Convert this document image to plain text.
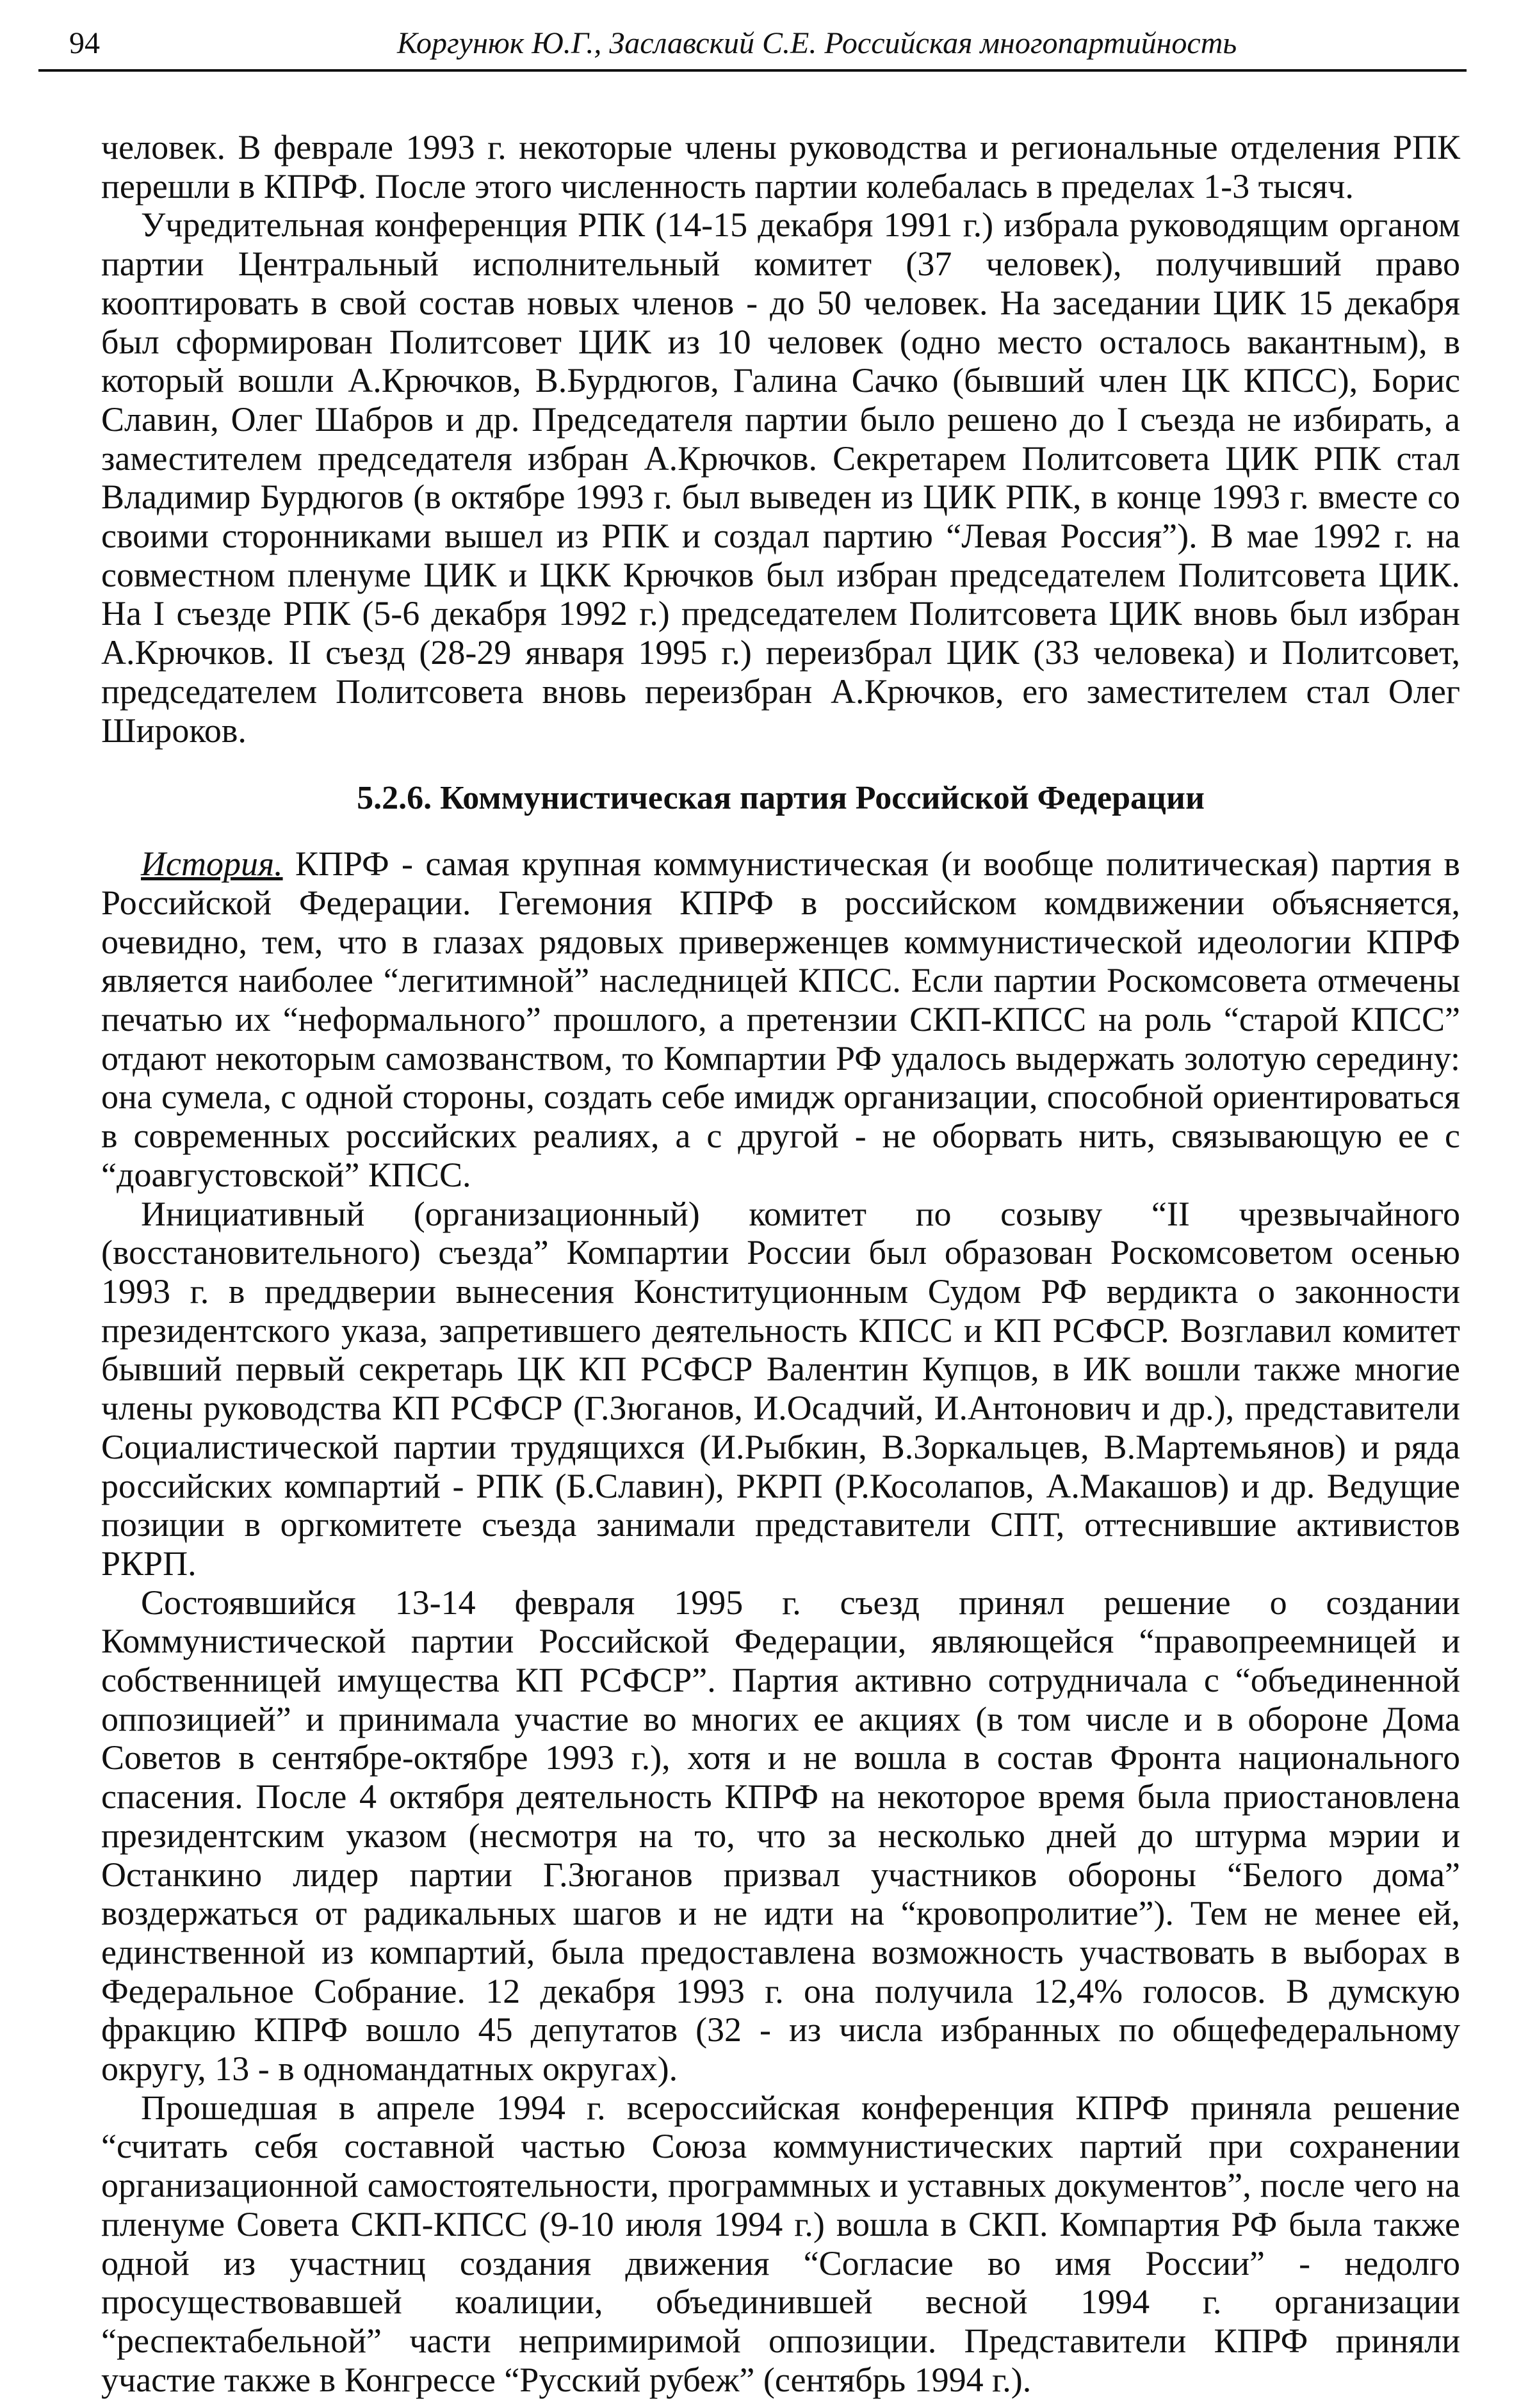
94	Коргунюк Ю.Г., Заславский С.Е. Российская многопартийность

человек. В феврале 1993 г. некоторые члены руководства и региональные отделения РПК перешли в КПРФ. После этого численность партии колебалась в пределах 1-3 тысяч.

Учредительная конференция РПК (14-15 декабря 1991 г.) избрала руководящим органом партии Центральный исполнительный комитет (37 человек), получивший право кооптировать в свой состав новых членов - до 50 человек. На заседании ЦИК 15 декабря был сформирован Политсовет ЦИК из 10 человек (одно место осталось вакантным), в который вошли А.Крючков, В.Бурдюгов, Галина Сачко (бывший член ЦК КПСС), Борис Славин, Олег Шабров и др. Председателя партии было решено до I съезда не избирать, а заместителем председателя избран А.Крючков. Секретарем Политсовета ЦИК РПК стал Владимир Бурдюгов (в октябре 1993 г. был выведен из ЦИК РПК, в конце 1993 г. вместе со своими сторонниками вышел из РПК и создал партию “Левая Россия”). В мае 1992 г. на совместном пленуме ЦИК и ЦКК Крючков был избран председателем Политсовета ЦИК. На I съезде РПК (5-6 декабря 1992 г.) председателем Политсовета ЦИК вновь был избран А.Крючков. II съезд (28-29 января 1995 г.) переизбрал ЦИК (33 человека) и Политсовет, председателем Политсовета вновь переизбран А.Крючков, его заместителем стал Олег Широков.

5.2.6. Коммунистическая партия Российской Федерации

История. КПРФ - самая крупная коммунистическая (и вообще политическая) партия в Российской Федерации. Гегемония КПРФ в российском комдвижении объясняется, очевидно, тем, что в глазах рядовых приверженцев коммунистической идеологии КПРФ является наиболее “легитимной” наследницей КПСС. Если партии Роскомсовета отмечены печатью их “неформального” прошлого, а претензии СКП-КПСС на роль “старой КПСС” отдают некоторым самозванством, то Компартии РФ удалось выдержать золотую середину: она сумела, с одной стороны, создать себе имидж организации, способной ориентироваться в современных российских реалиях, а с другой - не оборвать нить, связывающую ее с “доавгустовской” КПСС.

Инициативный (организационный) комитет по созыву “II чрезвычайного (восстановительного) съезда” Компартии России был образован Роскомсоветом осенью 1993 г. в преддверии вынесения Конституционным Судом РФ вердикта о законности президентского указа, запретившего деятельность КПСС и КП РСФСР. Возглавил комитет бывший первый секретарь ЦК КП РСФСР Валентин Купцов, в ИК вошли также многие члены руководства КП РСФСР (Г.Зюганов, И.Осадчий, И.Антонович и др.), представители Социалистической партии трудящихся (И.Рыбкин, В.Зоркальцев, В.Мартемьянов) и ряда российских компартий - РПК (Б.Славин), РКРП (Р.Косолапов, А.Макашов) и др. Ведущие позиции в оргкомитете съезда занимали представители СПТ, оттеснившие активистов РКРП.

Состоявшийся 13-14 февраля 1995 г. съезд принял решение о создании Коммунистической партии Российской Федерации, являющейся “правопреемницей и собственницей имущества КП РСФСР”. Партия активно сотрудничала с “объединенной оппозицией” и принимала участие во многих ее акциях (в том числе и в обороне Дома Советов в сентябре-октябре 1993 г.), хотя и не вошла в состав Фронта национального спасения. После 4 октября деятельность КПРФ на некоторое время была приостановлена президентским указом (несмотря на то, что за несколько дней до штурма мэрии и Останкино лидер партии Г.Зюганов призвал участников обороны “Белого дома” воздержаться от радикальных шагов и не идти на “кровопролитие”). Тем не менее ей, единственной из компартий, была предоставлена возможность участвовать в выборах в Федеральное Собрание. 12 декабря 1993 г. она получила 12,4% голосов. В думскую фракцию КПРФ вошло 45 депутатов (32 - из числа избранных по общефедеральному округу, 13 - в одномандатных округах).

Прошедшая в апреле 1994 г. всероссийская конференция КПРФ приняла решение “считать себя составной частью Союза коммунистических партий при сохранении организационной самостоятельности, программных и уставных документов”, после чего на пленуме Совета СКП-КПСС (9-10 июля 1994 г.) вошла в СКП. Компартия РФ была также одной из участниц создания движения “Согласие во имя России” - недолго просуществовавшей коалиции, объединившей весной 1994 г. организации “респектабельной” части непримиримой оппозиции. Представители КПРФ приняли участие также в Конгрессе “Русский рубеж” (сентябрь 1994 г.).
